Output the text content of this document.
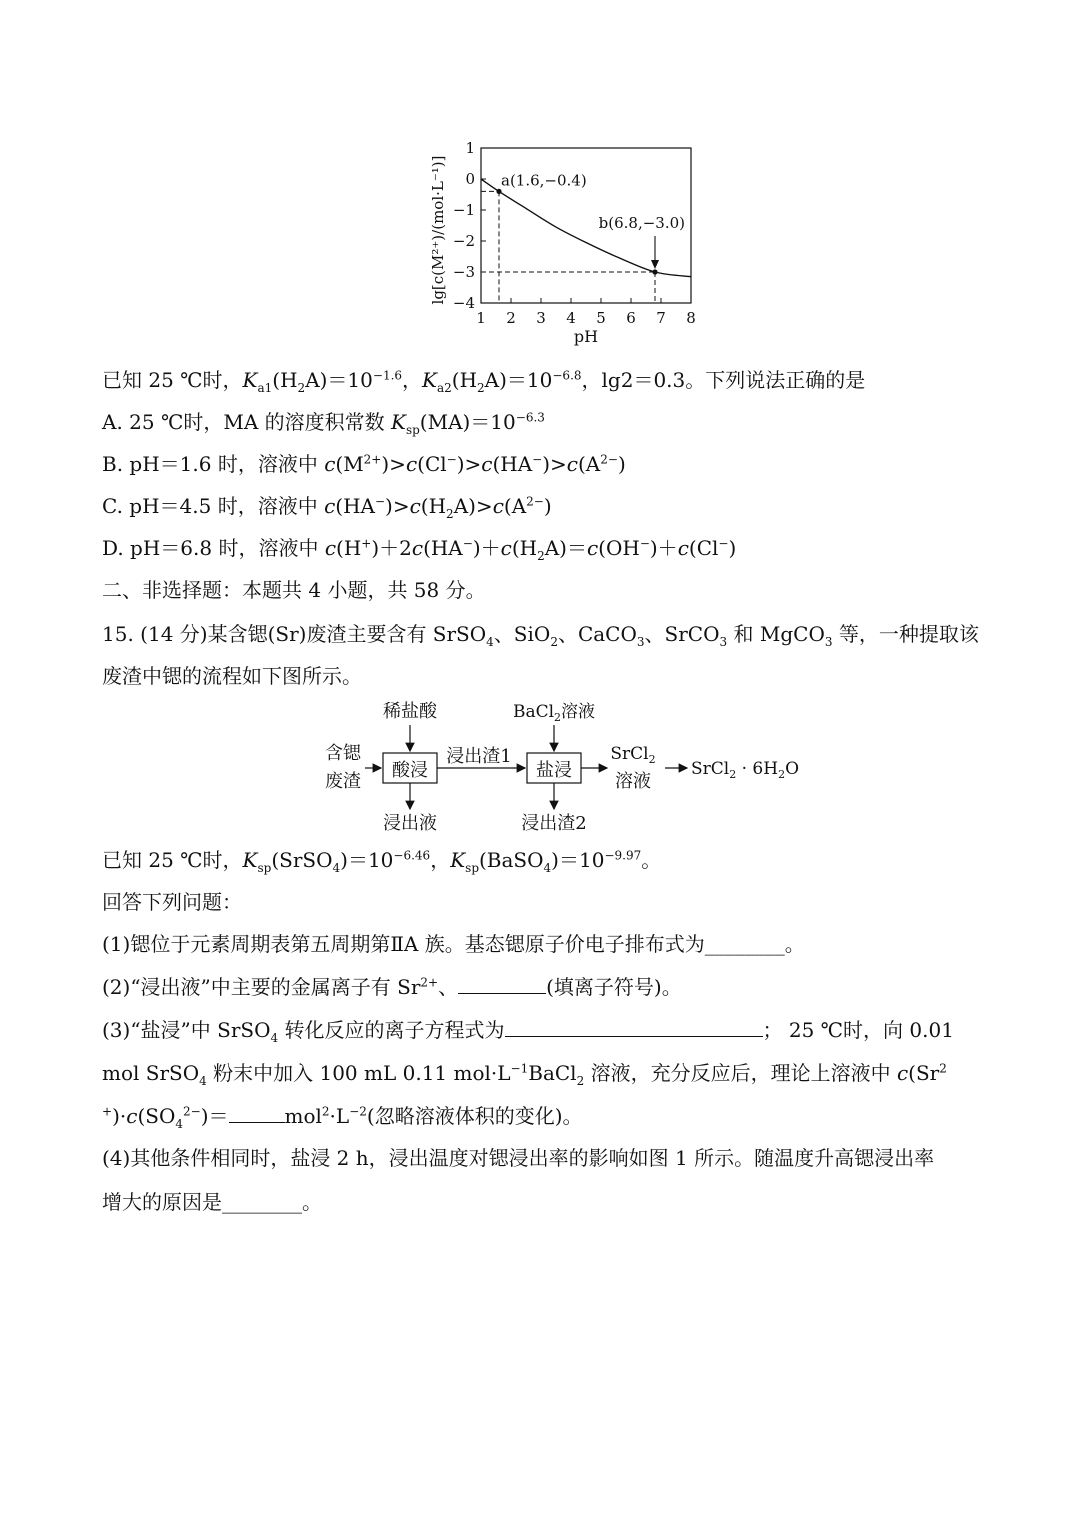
lg[c(M²⁺)/(mol·L⁻¹)]
pH
1
0
−1
−2
−3
−4
1 2 3 4 5 6 7 8
a(1.6,−0.4)
b(6.8,−3.0)
已知 25 ℃时，$K_{a1}(H_2A)=10^{-1.6}$，$K_{a2}(H_2A)=10^{-6.8}$，lg2＝0.3。下列说法正确的是
A. 25 ℃时，MA 的溶度积常数 $K_{sp}(MA)=10^{-6.3}$
B. pH＝1.6 时，溶液中 $c(M^{2+})>c(Cl^-)>c(HA^-)>c(A^{2-})$
C. pH＝4.5 时，溶液中 $c(HA^-)>c(H_2A)>c(A^{2-})$
D. pH＝6.8 时，溶液中 $c(H^+)+2c(HA^-)+c(H_2A)=c(OH^-)+c(Cl^-)$
二、非选择题：本题共 4 小题，共 58 分。
15. (14 分)某含锶(Sr)废渣主要含有 SrSO$_4$、SiO$_2$、CaCO$_3$、SrCO$_3$ 和 MgCO$_3$ 等，一种提取该
废渣中锶的流程如下图所示。
含锶
废渣
稀盐酸
酸浸
浸出液
浸出渣1
BaCl$_2$溶液
盐浸
浸出渣2
SrCl$_2$
溶液
SrCl$_2$ · $6H_2O$
已知 25 ℃时，$K_{sp}(SrSO_4)=10^{-6.46}$，$K_{sp}(BaSO_4)=10^{-9.97}$。
回答下列问题：
(1)锶位于元素周期表第五周期第ⅡA 族。基态锶原子价电子排布式为________。
(2)“浸出液”中主要的金属离子有 $Sr^{2+}$、	(填离子符号)。
(3)“盐浸”中 SrSO$_4$ 转化反应的离子方程式为	； 25 ℃时，向 0.01
mol SrSO$_4$ 粉末中加入 100 mL 0.11 $mol\cdot L^{-1}BaCl_2$ 溶液，充分反应后，理论上溶液中 c(Sr$^2$
$^+)\cdot c(SO_4^{2-})=$	$mol^2\cdot L^{-2}$(忽略溶液体积的变化)。
(4)其他条件相同时，盐浸 2 h，浸出温度对锶浸出率的影响如图 1 所示。随温度升高锶浸出率
增大的原因是________。
